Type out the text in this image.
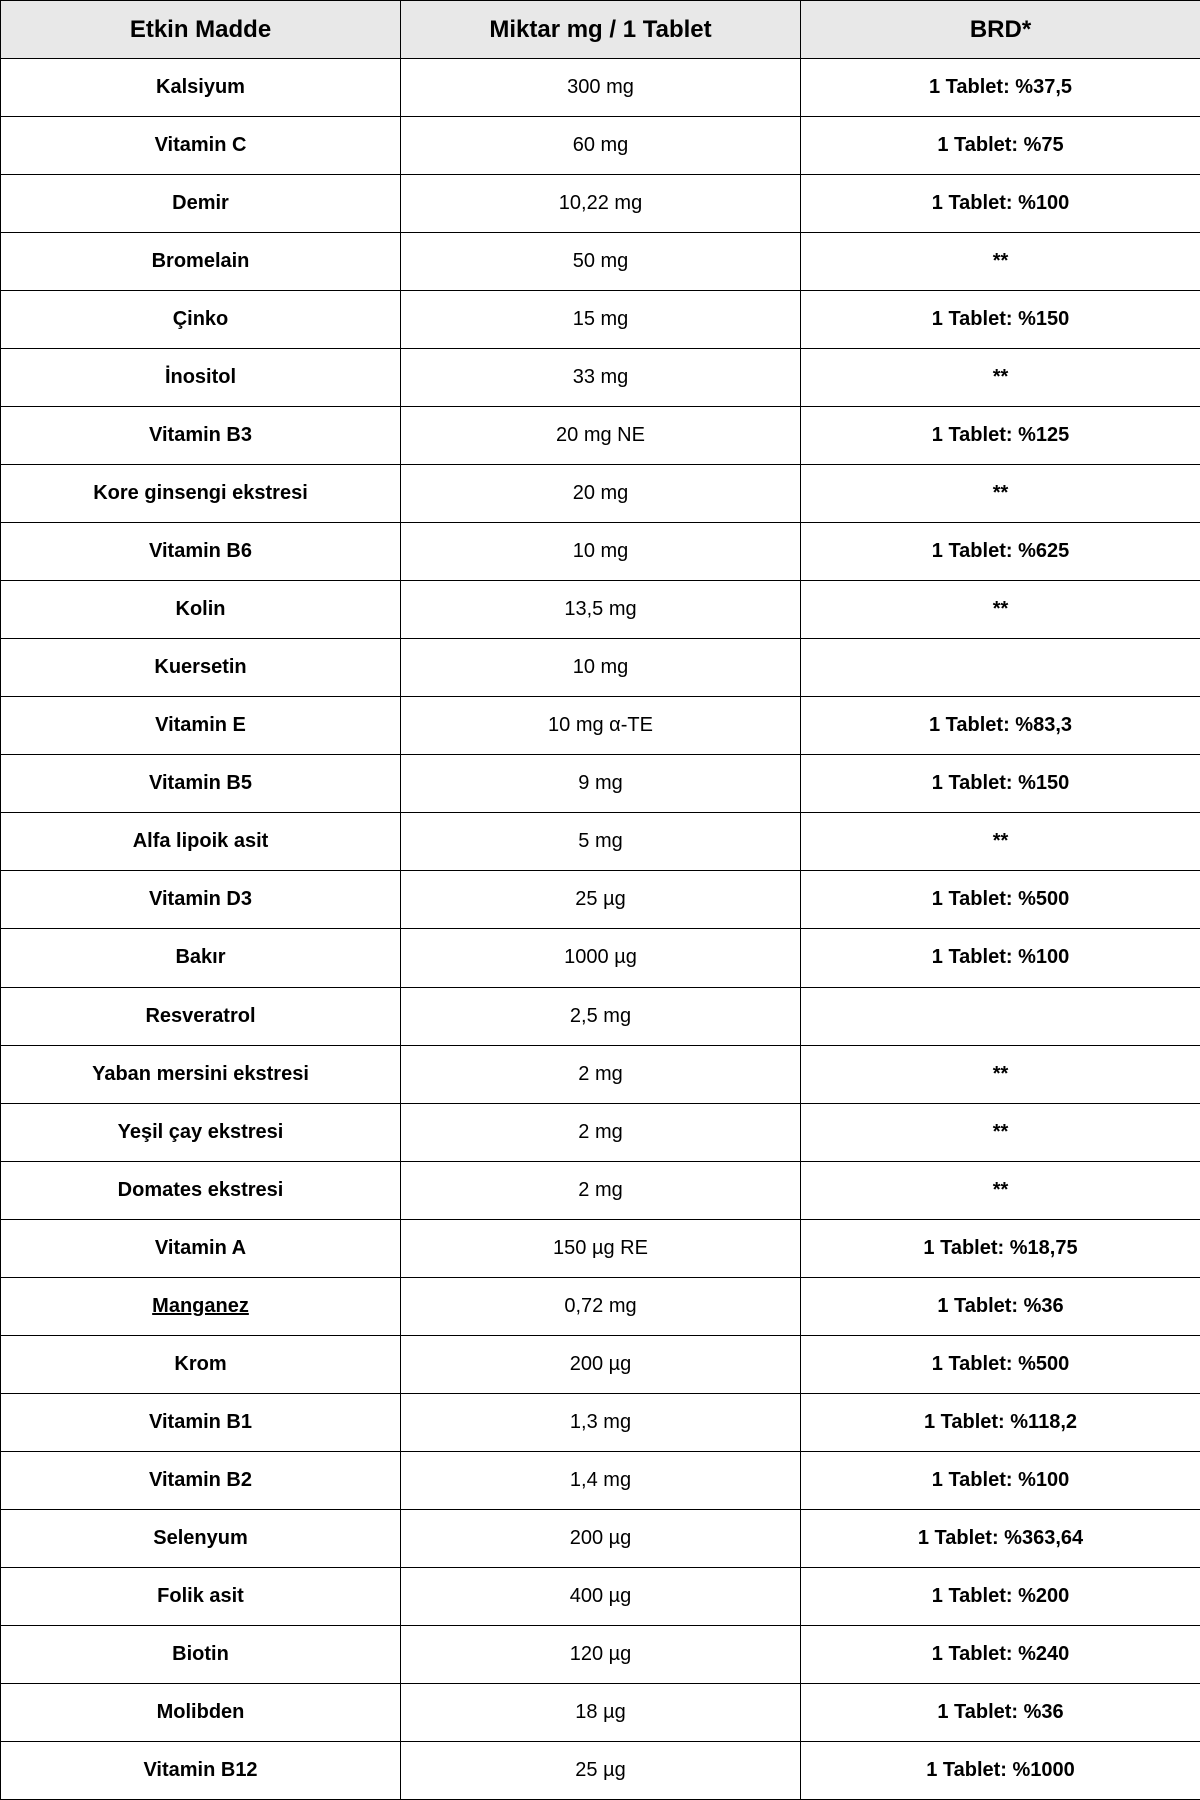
Etkin Madde	Miktar mg / 1 Tablet	BRD*
Kalsiyum	300 mg	1 Tablet: %37,5
Vitamin C	60 mg	1 Tablet: %75
Demir	10,22 mg	1 Tablet: %100
Bromelain	50 mg	**
Çinko	15 mg	1 Tablet: %150
İnositol	33 mg	**
Vitamin B3	20 mg NE	1 Tablet: %125
Kore ginsengi ekstresi	20 mg	**
Vitamin B6	10 mg	1 Tablet: %625
Kolin	13,5 mg	**
Kuersetin	10 mg	
Vitamin E	10 mg α-TE	1 Tablet: %83,3
Vitamin B5	9 mg	1 Tablet: %150
Alfa lipoik asit	5 mg	**
Vitamin D3	25 µg	1 Tablet: %500
Bakır	1000 µg	1 Tablet: %100
Resveratrol	2,5 mg	
Yaban mersini ekstresi	2 mg	**
Yeşil çay ekstresi	2 mg	**
Domates ekstresi	2 mg	**
Vitamin A	150 µg RE	1 Tablet: %18,75
Manganez	0,72 mg	1 Tablet: %36
Krom	200 µg	1 Tablet: %500
Vitamin B1	1,3 mg	1 Tablet: %118,2
Vitamin B2	1,4 mg	1 Tablet: %100
Selenyum	200 µg	1 Tablet: %363,64
Folik asit	400 µg	1 Tablet: %200
Biotin	120 µg	1 Tablet: %240
Molibden	18 µg	1 Tablet: %36
Vitamin B12	25 µg	1 Tablet: %1000
